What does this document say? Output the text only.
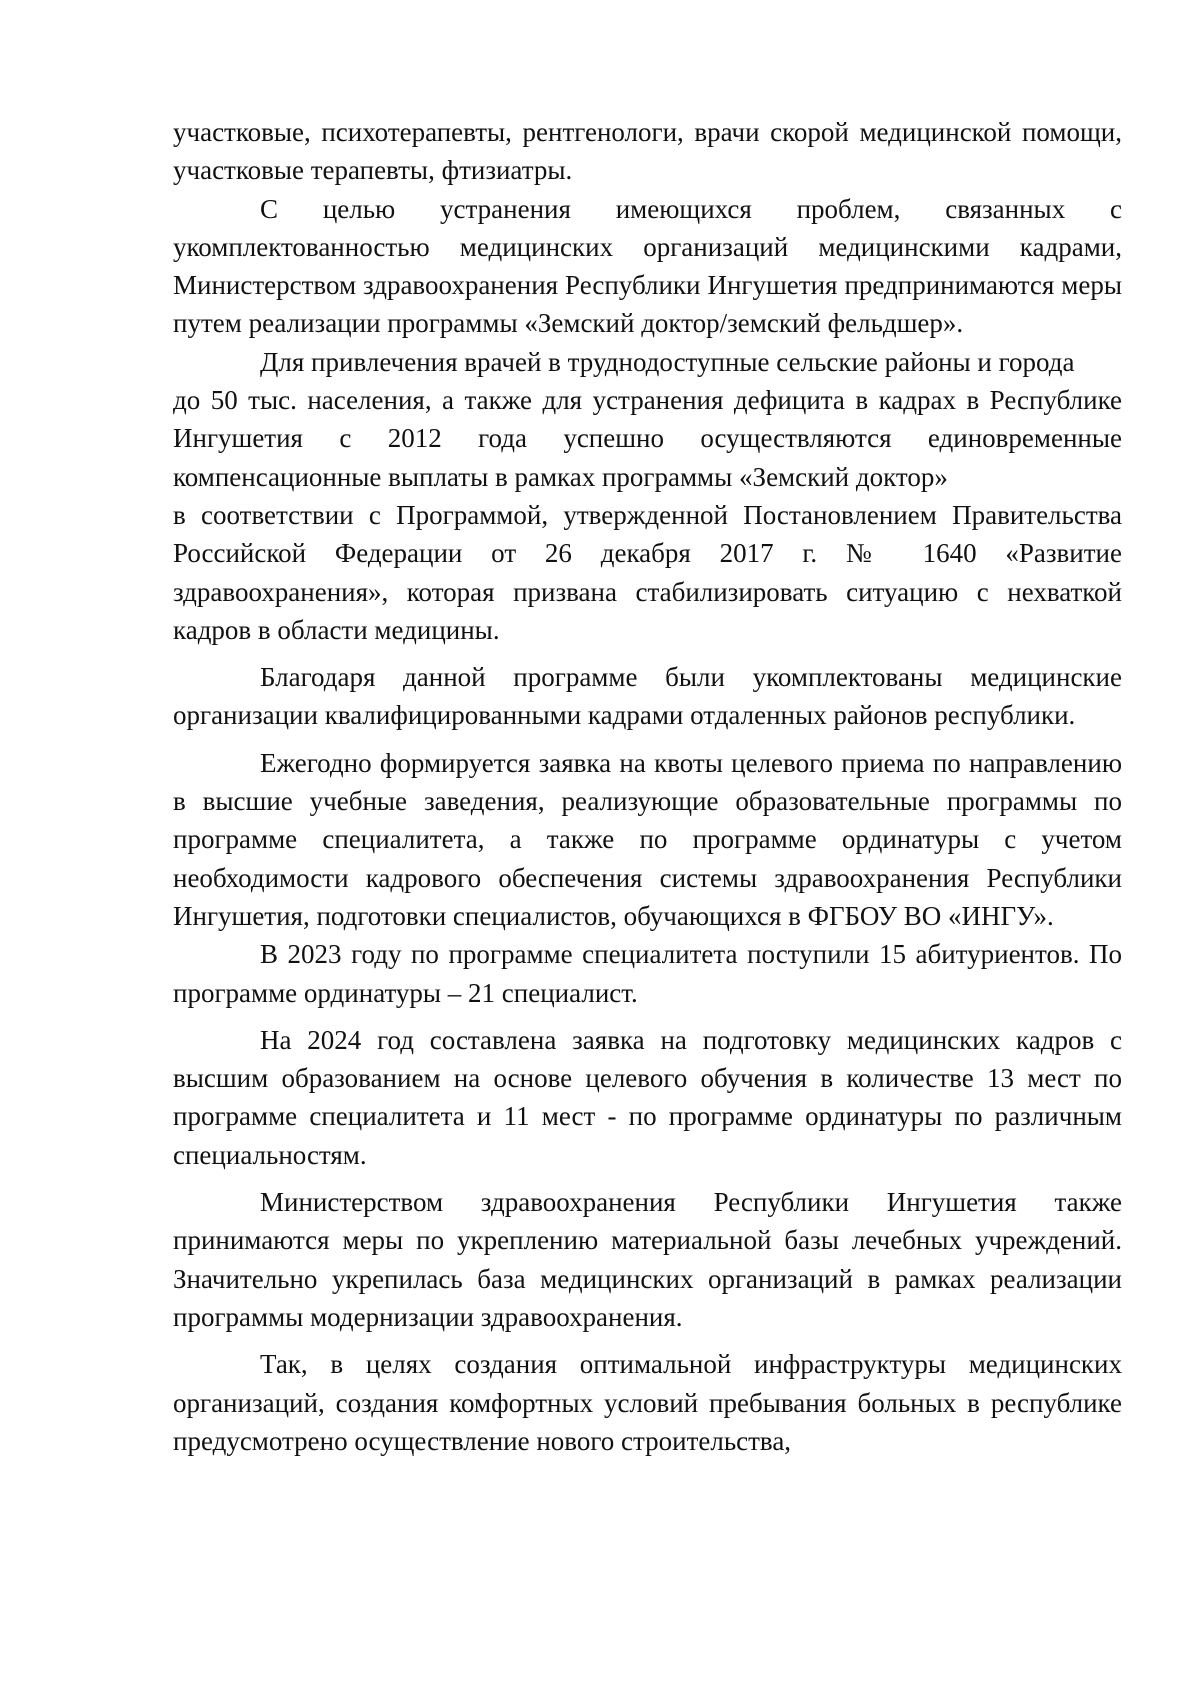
участковые, психотерапевты, рентгенологи, врачи скорой медицинской помощи, участковые терапевты, фтизиатры.

С целью устранения имеющихся проблем, связанных с укомплектованностью медицинских организаций медицинскими кадрами, Министерством здравоохранения Республики Ингушетия предпринимаются меры путем реализации программы «Земский доктор/земский фельдшер».

Для привлечения врачей в труднодоступные сельские районы и города

до 50 тыс. населения, а также для устранения дефицита в кадрах в Республике Ингушетия с 2012 года успешно осуществляются единовременные компенсационные выплаты в рамках программы «Земский доктор»

в соответствии с Программой, утвержденной Постановлением Правительства Российской Федерации от 26 декабря 2017 г. № 1640 «Развитие здравоохранения», которая призвана стабилизировать ситуацию с нехваткой кадров в области медицины.

Благодаря данной программе были укомплектованы медицинские организации квалифицированными кадрами отдаленных районов республики.

Ежегодно формируется заявка на квоты целевого приема по направлению в высшие учебные заведения, реализующие образовательные программы по программе специалитета, а также по программе ординатуры с учетом необходимости кадрового обеспечения системы здравоохранения Республики Ингушетия, подготовки специалистов, обучающихся в ФГБОУ ВО «ИНГУ».

В 2023 году по программе специалитета поступили 15 абитуриентов. По программе ординатуры – 21 специалист.

На 2024 год составлена заявка на подготовку медицинских кадров с высшим образованием на основе целевого обучения в количестве 13 мест по программе специалитета и 11 мест - по программе ординатуры по различным специальностям.

Министерством здравоохранения Республики Ингушетия также принимаются меры по укреплению материальной базы лечебных учреждений. Значительно укрепилась база медицинских организаций в рамках реализации программы модернизации здравоохранения.

Так, в целях создания оптимальной инфраструктуры медицинских организаций, создания комфортных условий пребывания больных в республике предусмотрено осуществление нового строительства,
